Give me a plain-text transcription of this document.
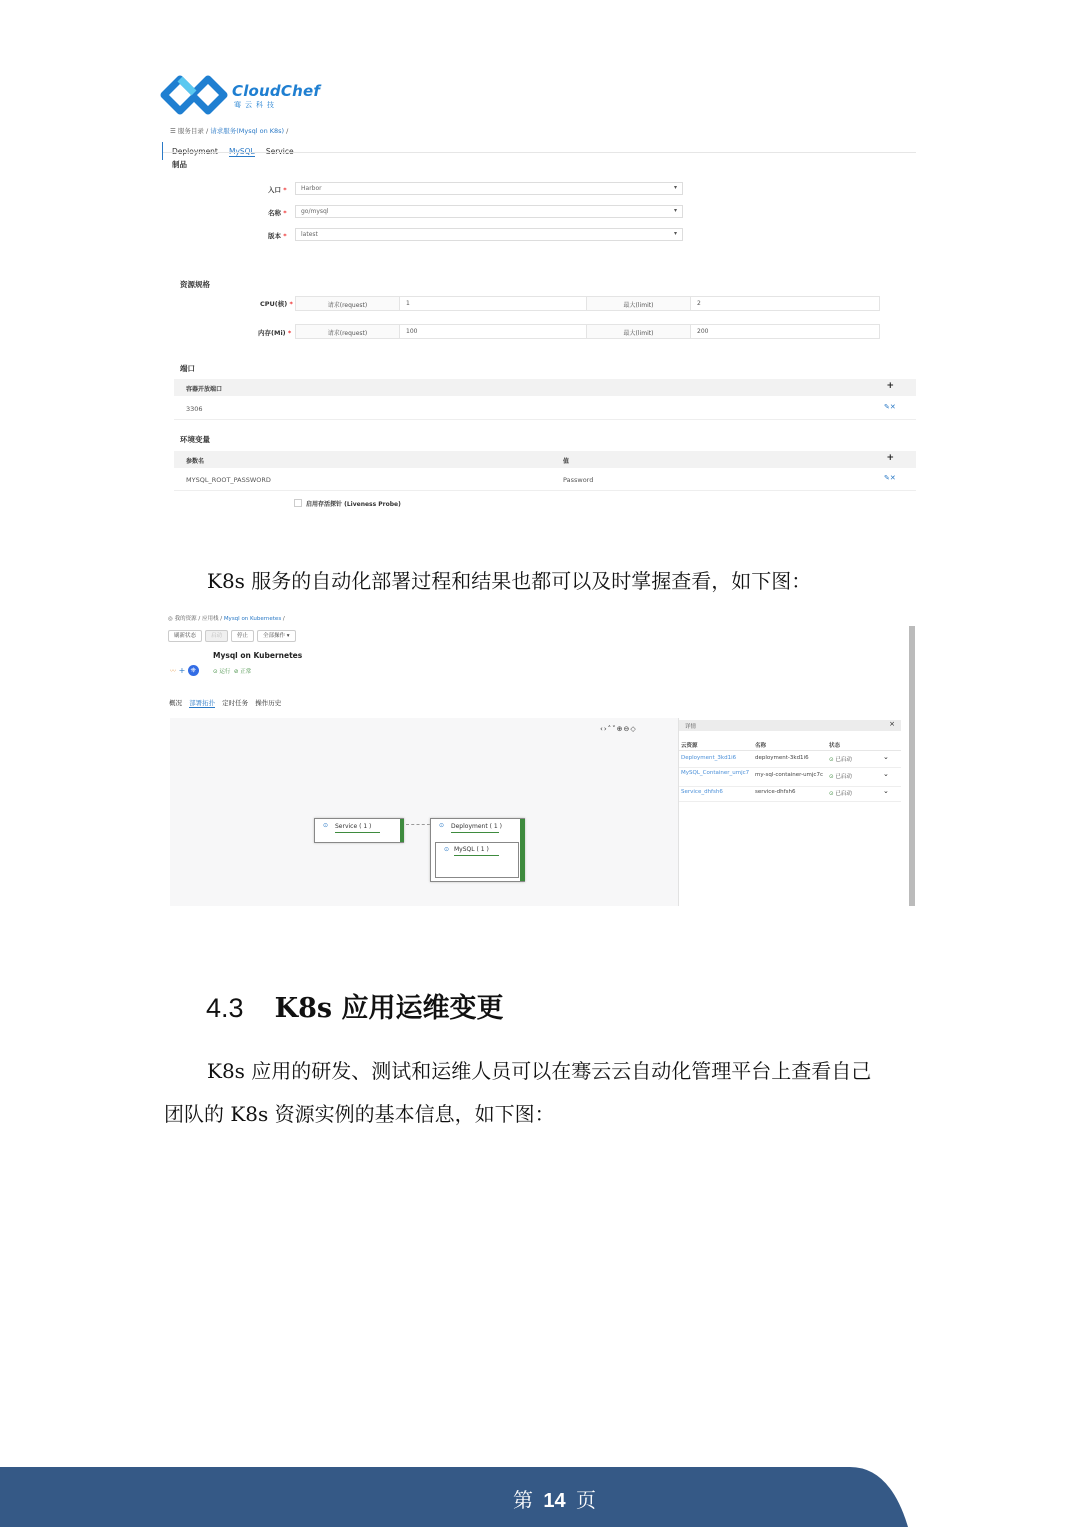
CloudChef
骞云科技
☰ 服务目录 / 请求服务(Mysql on K8s) /
制品
入口 *	Harbor ▾
名称 *	go/mysql ▾
版本 *	latest ▾
资源规格
CPU(核) *	请求(request)	1	最大(limit)	2
内存(Mi) *	请求(request)	100	最大(limit)	200
端口
容器开放端口	+
3306	✎✕
环境变量
参数名	值	+
MYSQL_ROOT_PASSWORD	Password	✎✕
启用存活探针 (Liveness Probe)
K8s 服务的自动化部署过程和结果也都可以及时掌握查看，如下图：
◎ 我的资源 / 应用栈 / Mysql on Kubernetes /
刷新状态	启动	停止	全部操作 ▾
Mysql on Kubernetes
〰 + ⎈	⊙ 运行 ⊘ 正常
概况 部署拓扑 定时任务 操作历史
‹›˄˅⊕⊖◇
⊙ Service ( 1 )	⊙ Deployment ( 1 )
⊙ MySQL ( 1 )
详情	×
云资源	名称	状态
Deployment_3kd1i6	deployment-3kd1i6	⊙ 已启动	⌄
MySQL_Container_umjc7	my-sql-container-umjc7c ⊙ 已启动	⌄
Service_dhfsh6	service-dhfsh6	⊙ 已启动	⌄
4.3 K8s 应用运维变更
K8s 应用的研发、测试和运维人员可以在骞云云自动化管理平台上查看自己
团队的 K8s 资源实例的基本信息，如下图：
第 14 页
